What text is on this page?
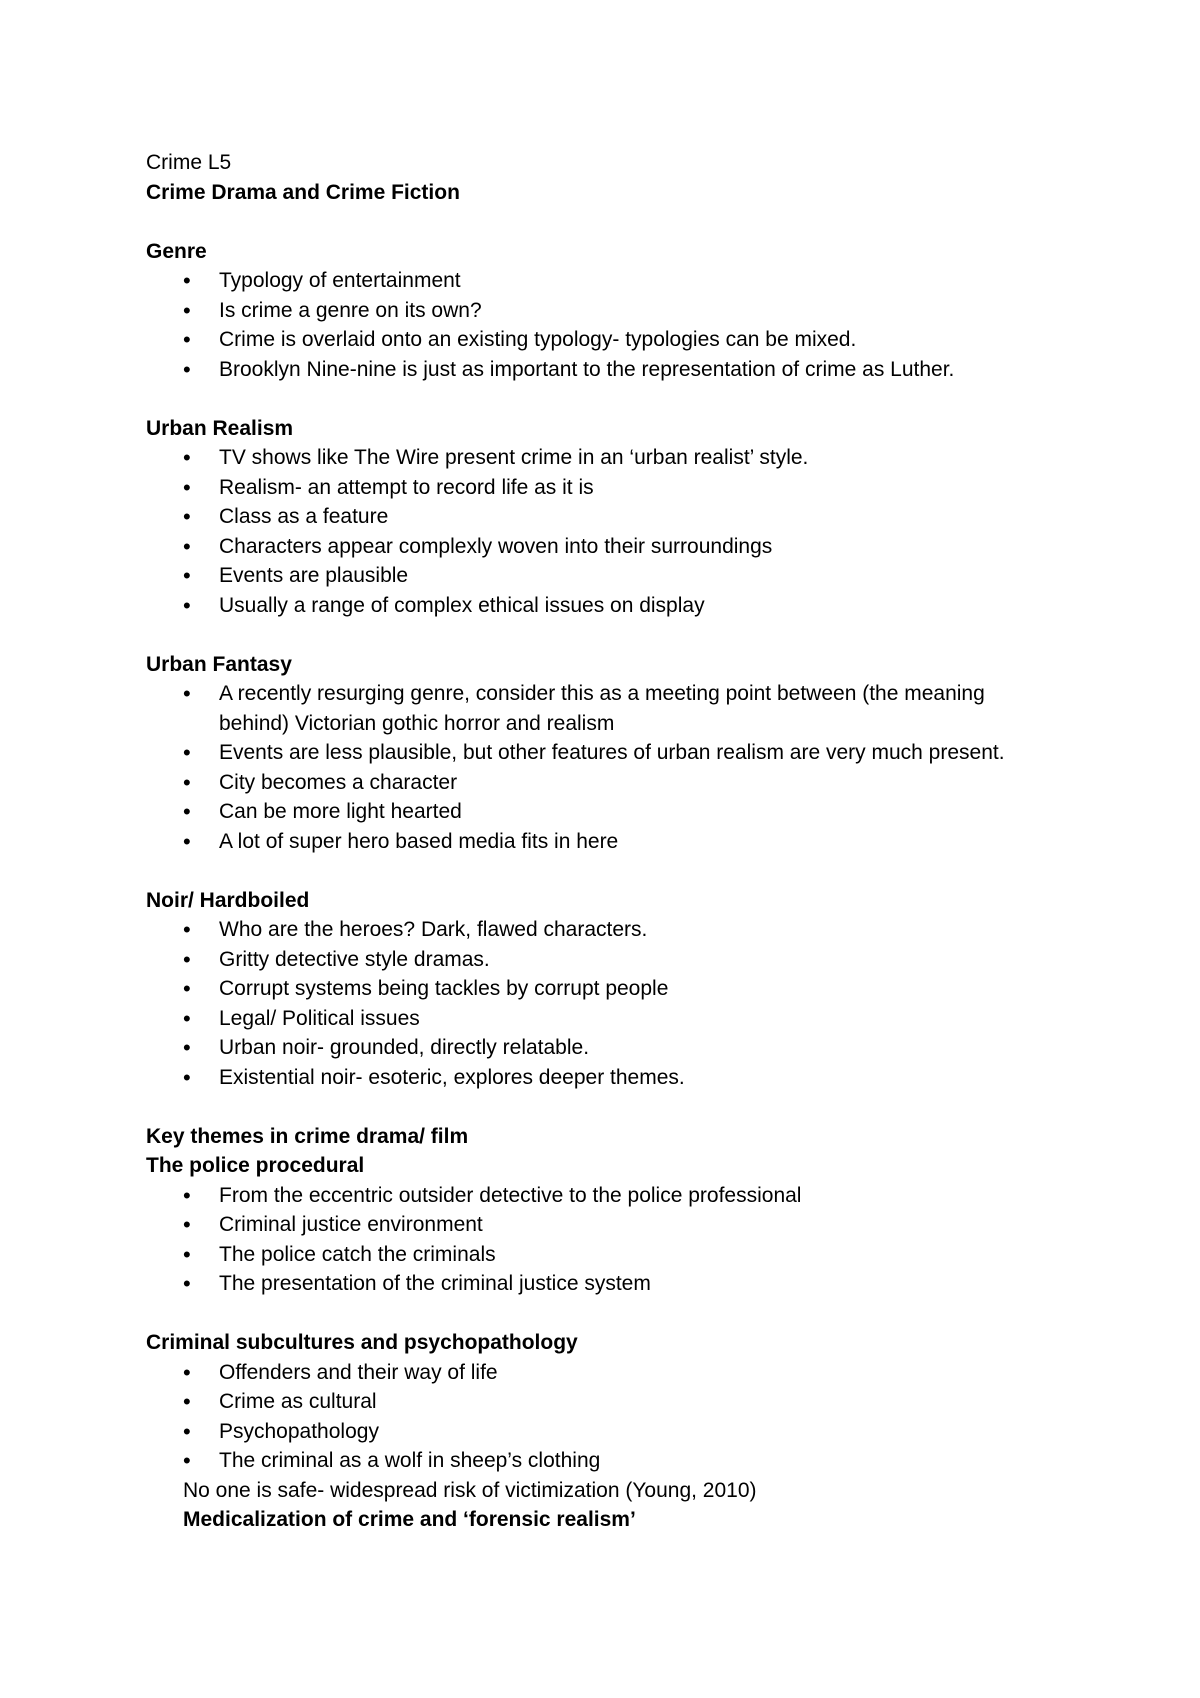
Crime L5

Crime Drama and Crime Fiction

Genre

• Typology of entertainment
• Is crime a genre on its own?
• Crime is overlaid onto an existing typology- typologies can be mixed.
• Brooklyn Nine-nine is just as important to the representation of crime as Luther.

Urban Realism

• TV shows like The Wire present crime in an ‘urban realist’ style.
• Realism- an attempt to record life as it is
• Class as a feature
• Characters appear complexly woven into their surroundings
• Events are plausible
• Usually a range of complex ethical issues on display

Urban Fantasy

• A recently resurging genre, consider this as a meeting point between (the meaning

behind) Victorian gothic horror and realism

• Events are less plausible, but other features of urban realism are very much present.
• City becomes a character
• Can be more light hearted
• A lot of super hero based media fits in here

Noir/ Hardboiled

• Who are the heroes? Dark, flawed characters.
• Gritty detective style dramas.
• Corrupt systems being tackles by corrupt people
• Legal/ Political issues
• Urban noir- grounded, directly relatable.
• Existential noir- esoteric, explores deeper themes.

Key themes in crime drama/ film

The police procedural

• From the eccentric outsider detective to the police professional
• Criminal justice environment
• The police catch the criminals
• The presentation of the criminal justice system

Criminal subcultures and psychopathology

• Offenders and their way of life
• Crime as cultural
• Psychopathology
• The criminal as a wolf in sheep’s clothing

No one is safe- widespread risk of victimization (Young, 2010)

Medicalization of crime and ‘forensic realism’
